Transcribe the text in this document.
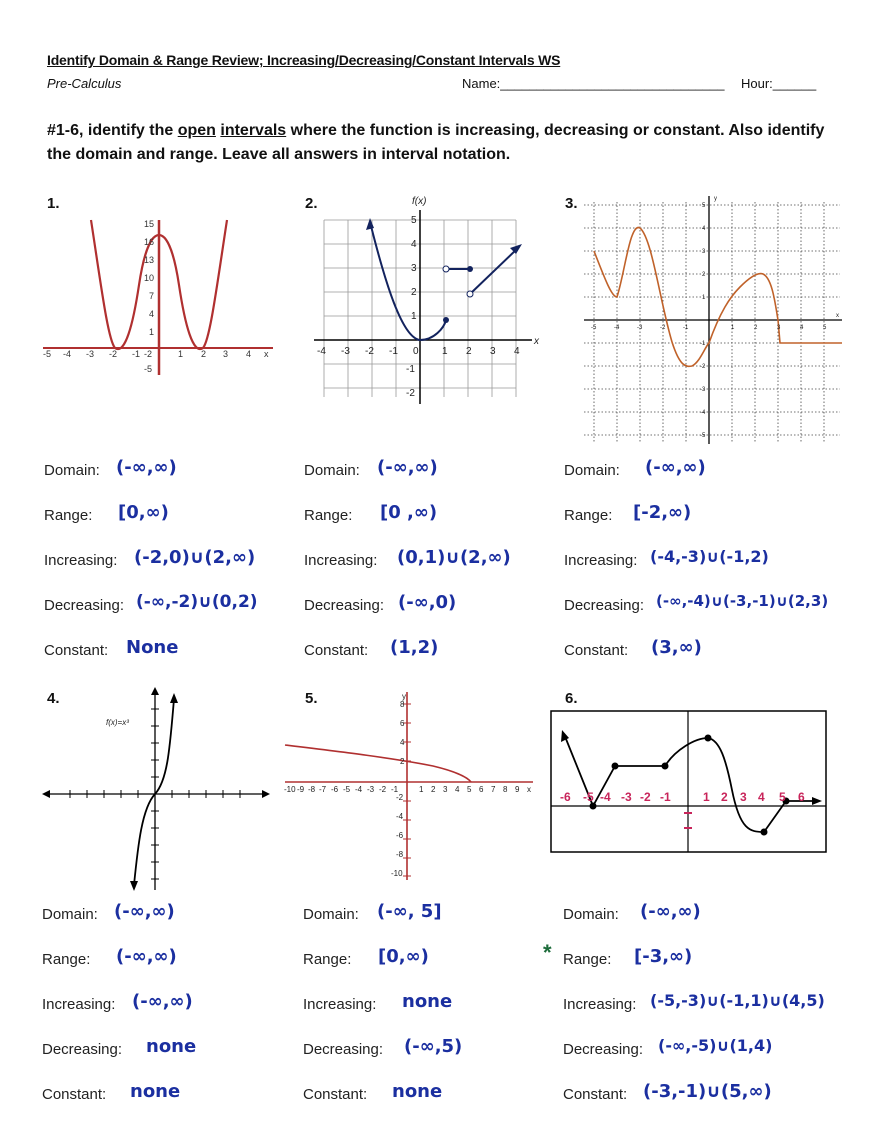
Identify Domain & Range Review; Increasing/Decreasing/Constant Intervals WS
Pre-Calculus	Name:_______________________________ Hour:______
#1-6, identify the open intervals where the function is increasing, decreasing or constant. Also identify the domain and range. Leave all answers in interval notation.
1.	2.	3.
4.	5.	6.
-5 -4 -3 -2 -1 -2	1 2 3 4 x
15
16
13
10
7
4
1
-5
f(x)
x
-4 -3 -2 -1 0 1 2 3 4
5
4
3
2
1
-1
-2
y
x
-5	-4	-3	-2	-1	1	2	3	4	5
5
4
3
2
1
-1
-2
-3
-4
-5
f(x)=x³
-10 -9 -8 -7 -6 -5 -4 -3 -2 -1	1 2 3 4 5 6 7 8 9 x
y
8
6
4
2
-2
-4
-6
-8
-10
-6 -5 -4 -3 -2 -1	1 2 3 4 5 6
Domain: (-∞,∞)
Range: [0,∞)
Increasing: (-2,0)∪(2,∞)
Decreasing: (-∞,-2)∪(0,2)
Constant: None
Domain: (-∞,∞)
Range: [0 ,∞)
Increasing: (0,1)∪(2,∞)
Decreasing: (-∞,0)
Constant: (1,2)
Domain: (-∞,∞)
Range: [-2,∞)
Increasing: (-4,-3)∪(-1,2)
Decreasing: (-∞,-4)∪(-3,-1)∪(2,3)
Constant: (3,∞)
Domain: (-∞,∞)
Range: (-∞,∞)
Increasing: (-∞,∞)
Decreasing: none
Constant: none
Domain: (-∞, 5]
Range: [0,∞)
Increasing: none
Decreasing: (-∞,5)
Constant: none
Domain: (-∞,∞)
* Range: [-3,∞)
Increasing: (-5,-3)∪(-1,1)∪(4,5)
Decreasing: (-∞,-5)∪(1,4)
Constant: (-3,-1)∪(5,∞)
